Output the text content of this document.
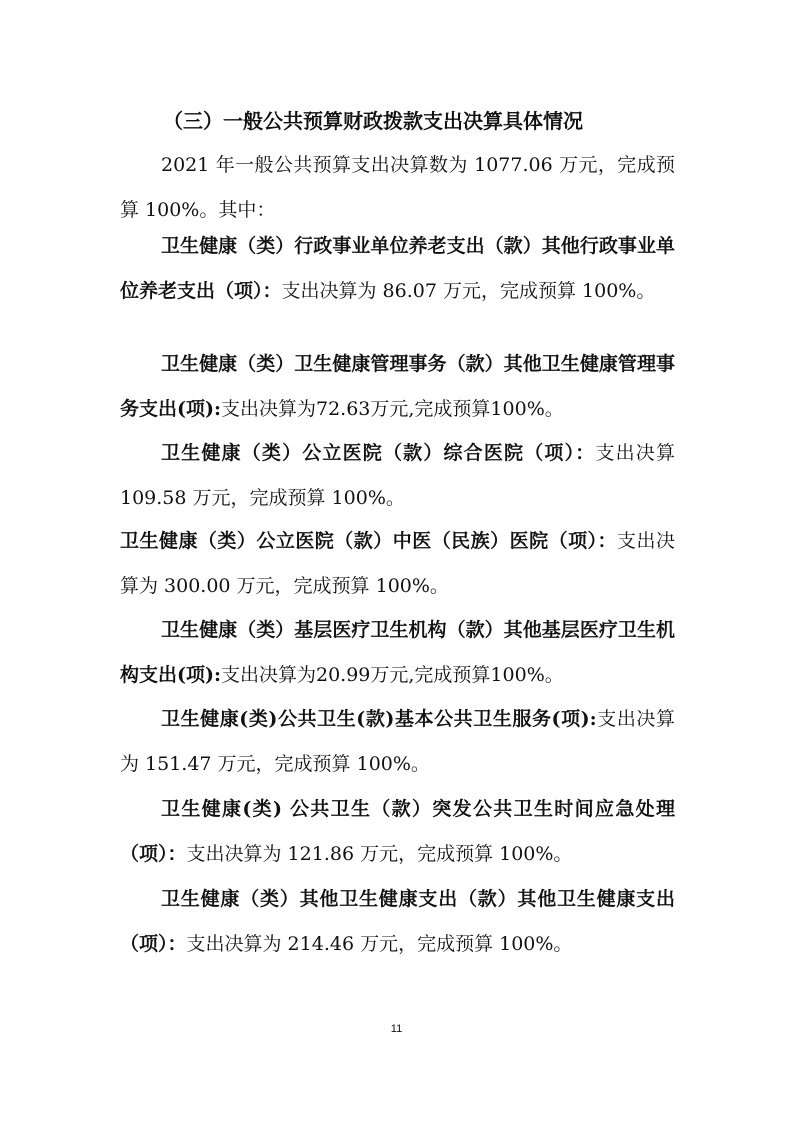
（三）一般公共预算财政拨款支出决算具体情况
2021 年一般公共预算支出决算数为 1077.06 万元，完成预算 100%。其中：
卫生健康（类）行政事业单位养老支出（款）其他行政事业单位养老支出（项）：支出决算为 86.07 万元，完成预算 100%。
卫生健康（类）卫生健康管理事务（款）其他卫生健康管理事务支出(项):支出决算为72.63万元,完成预算100%。
卫生健康（类）公立医院（款）综合医院（项）：支出决算 109.58 万元，完成预算 100%。
卫生健康（类）公立医院（款）中医（民族）医院（项）：支出决算为 300.00 万元，完成预算 100%。
卫生健康（类）基层医疗卫生机构（款）其他基层医疗卫生机构支出(项):支出决算为20.99万元,完成预算100%。
卫生健康(类)公共卫生(款)基本公共卫生服务(项):支出决算为 151.47 万元，完成预算 100%。
卫生健康(类) 公共卫生（款）突发公共卫生时间应急处理（项）：支出决算为 121.86 万元，完成预算 100%。
卫生健康（类）其他卫生健康支出（款）其他卫生健康支出（项）：支出决算为 214.46 万元，完成预算 100%。
11
